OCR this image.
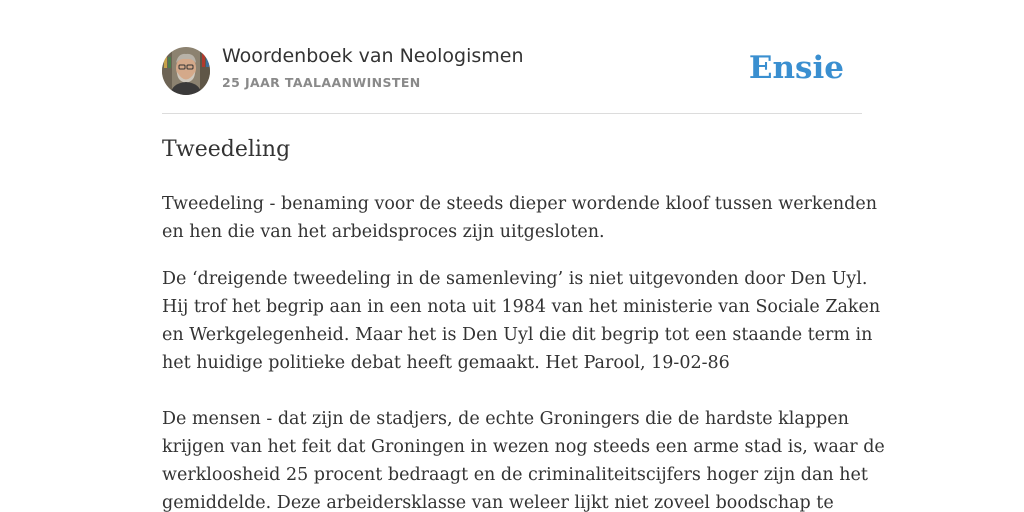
Woordenboek van Neologismen
25 JAAR TAALAANWINSTEN	Ensie
Tweedeling
Tweedeling - benaming voor de steeds dieper wordende kloof tussen werkenden
en hen die van het arbeidsproces zijn uitgesloten.
De ‘dreigende tweedeling in de samenleving’ is niet uitgevonden door Den Uyl.
Hij trof het begrip aan in een nota uit 1984 van het ministerie van Sociale Zaken
en Werkgelegenheid. Maar het is Den Uyl die dit begrip tot een staande term in
het huidige politieke debat heeft gemaakt. Het Parool, 19-02-86
De mensen - dat zijn de stadjers, de echte Groningers die de hardste klappen
krijgen van het feit dat Groningen in wezen nog steeds een arme stad is, waar de
werkloosheid 25 procent bedraagt en de criminaliteitscijfers hoger zijn dan het
gemiddelde. Deze arbeidersklasse van weleer lijkt niet zoveel boodschap te
